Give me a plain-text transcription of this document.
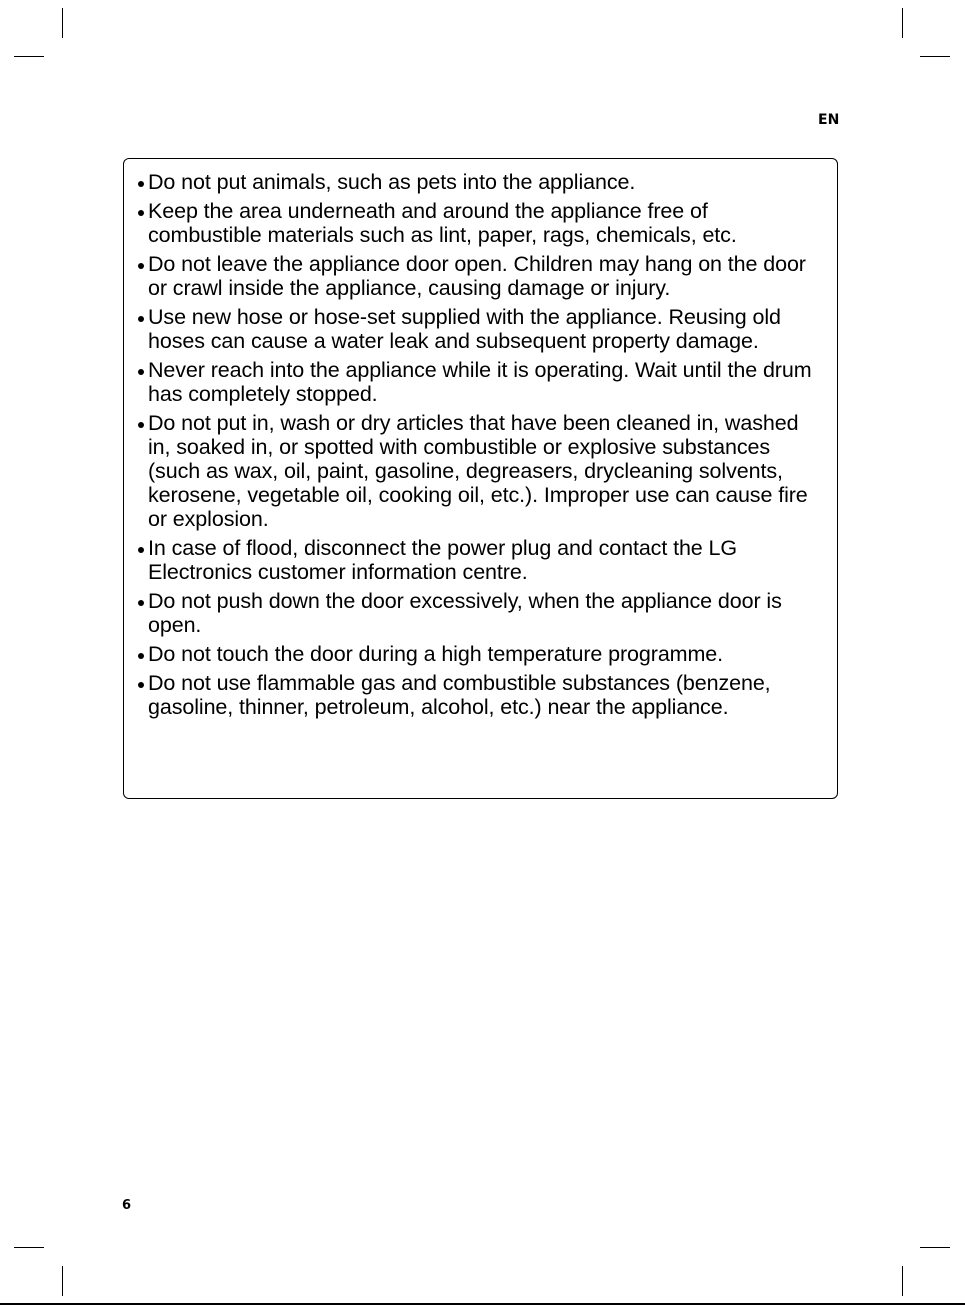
EN
Do not put animals, such as pets into the appliance.
Keep the area underneath and around the appliance free of combustible materials such as lint, paper, rags, chemicals, etc.
Do not leave the appliance door open. Children may hang on the door or crawl inside the appliance, causing damage or injury.
Use new hose or hose-set supplied with the appliance. Reusing old hoses can cause a water leak and subsequent property damage.
Never reach into the appliance while it is operating. Wait until the drum has completely stopped.
Do not put in, wash or dry articles that have been cleaned in, washed in, soaked in, or spotted with combustible or explosive substances (such as wax, oil, paint, gasoline, degreasers, drycleaning solvents, kerosene, vegetable oil, cooking oil, etc.). Improper use can cause fire or explosion.
In case of flood, disconnect the power plug and contact the LG Electronics customer information centre.
Do not push down the door excessively, when the appliance door is open.
Do not touch the door during a high temperature programme.
Do not use flammable gas and combustible substances (benzene, gasoline, thinner, petroleum, alcohol, etc.) near the appliance.
6
